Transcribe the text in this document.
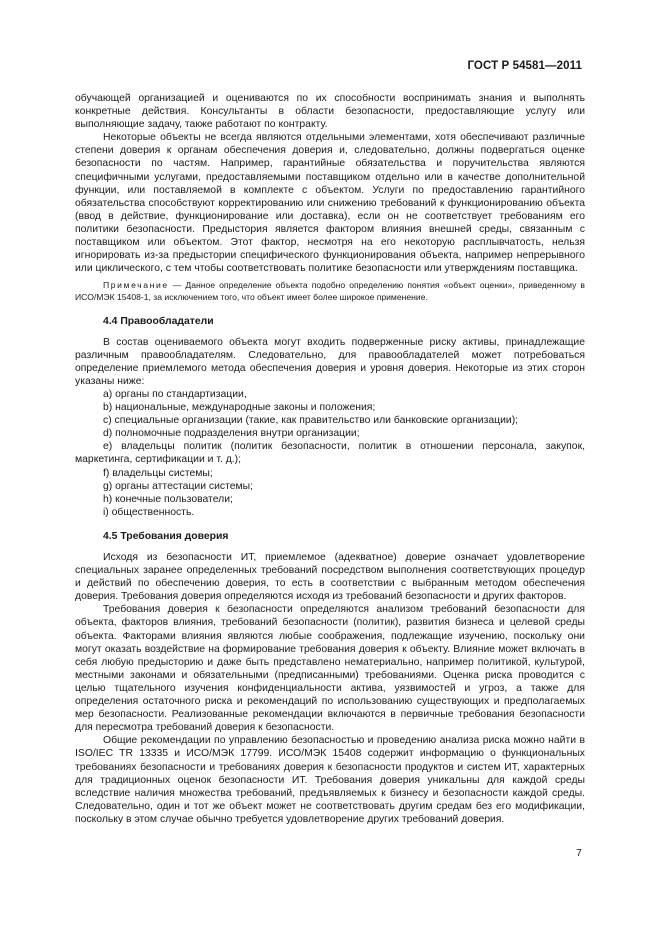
ГОСТ Р 54581—2011

обучающей организацией и оцениваются по их способности воспринимать знания и выполнять конкретные действия. Консультанты в области безопасности, предоставляющие услугу или выполняющие задачу, также работают по контракту.

Некоторые объекты не всегда являются отдельными элементами, хотя обеспечивают различные степени доверия к органам обеспечения доверия и, следовательно, должны подвергаться оценке безопасности по частям. Например, гарантийные обязательства и поручительства являются специфичными услугами, предоставляемыми поставщиком отдельно или в качестве дополнительной функции, или поставляемой в комплекте с объектом. Услуги по предоставлению гарантийного обязательства способствуют корректированию или снижению требований к функционированию объекта (ввод в действие, функционирование или доставка), если он не соответствует требованиям его политики безопасности. Предыстория является фактором влияния внешней среды, связанным с поставщиком или объектом. Этот фактор, несмотря на его некоторую расплывчатость, нельзя игнорировать из-за предыстории специфического функционирования объекта, например непрерывного или циклического, с тем чтобы соответствовать политике безопасности или утверждениям поставщика.

Примечание — Данное определение объекта подобно определению понятия «объект оценки», приведенному в ИСО/МЭК 15408-1, за исключением того, что объект имеет более широкое применение.

4.4 Правообладатели

В состав оцениваемого объекта могут входить подверженные риску активы, принадлежащие различным правообладателям. Следовательно, для правообладателей может потребоваться определение приемлемого метода обеспечения доверия и уровня доверия. Некоторые из этих сторон указаны ниже:

a) органы по стандартизации,

b) национальные, международные законы и положения;

c) специальные организации (такие, как правительство или банковские организации);

d) полномочные подразделения внутри организации;

e) владельцы политик (политик безопасности, политик в отношении персонала, закупок, маркетинга, сертификации и т. д.);

f) владельцы системы;

g) органы аттестации системы;

h) конечные пользователи;

i) общественность.

4.5 Требования доверия

Исходя из безопасности ИТ, приемлемое (адекватное) доверие означает удовлетворение специальных заранее определенных требований посредством выполнения соответствующих процедур и действий по обеспечению доверия, то есть в соответствии с выбранным методом обеспечения доверия. Требования доверия определяются исходя из требований безопасности и других факторов.

Требования доверия к безопасности определяются анализом требований безопасности для объекта, факторов влияния, требований безопасности (политик), развития бизнеса и целевой среды объекта. Факторами влияния являются любые соображения, подлежащие изучению, поскольку они могут оказать воздействие на формирование требования доверия к объекту. Влияние может включать в себя любую предысторию и даже быть представлено нематериально, например политикой, культурой, местными законами и обязательными (предписанными) требованиями. Оценка риска проводится с целью тщательного изучения конфиденциальности актива, уязвимостей и угроз, а также для определения остаточного риска и рекомендаций по использованию существующих и предполагаемых мер безопасности. Реализованные рекомендации включаются в первичные требования безопасности для пересмотра требований доверия к безопасности.

Общие рекомендации по управлению безопасностью и проведению анализа риска можно найти в ISO/IEC TR 13335 и ИСО/МЭК 17799. ИСО/МЭК 15408 содержит информацию о функциональных требованиях безопасности и требованиях доверия к безопасности продуктов и систем ИТ, характерных для традиционных оценок безопасности ИТ. Требования доверия уникальны для каждой среды вследствие наличия множества требований, предъявляемых к бизнесу и безопасности каждой среды. Следовательно, один и тот же объект может не соответствовать другим средам без его модификации, поскольку в этом случае обычно требуется удовлетворение других требований доверия.

7
